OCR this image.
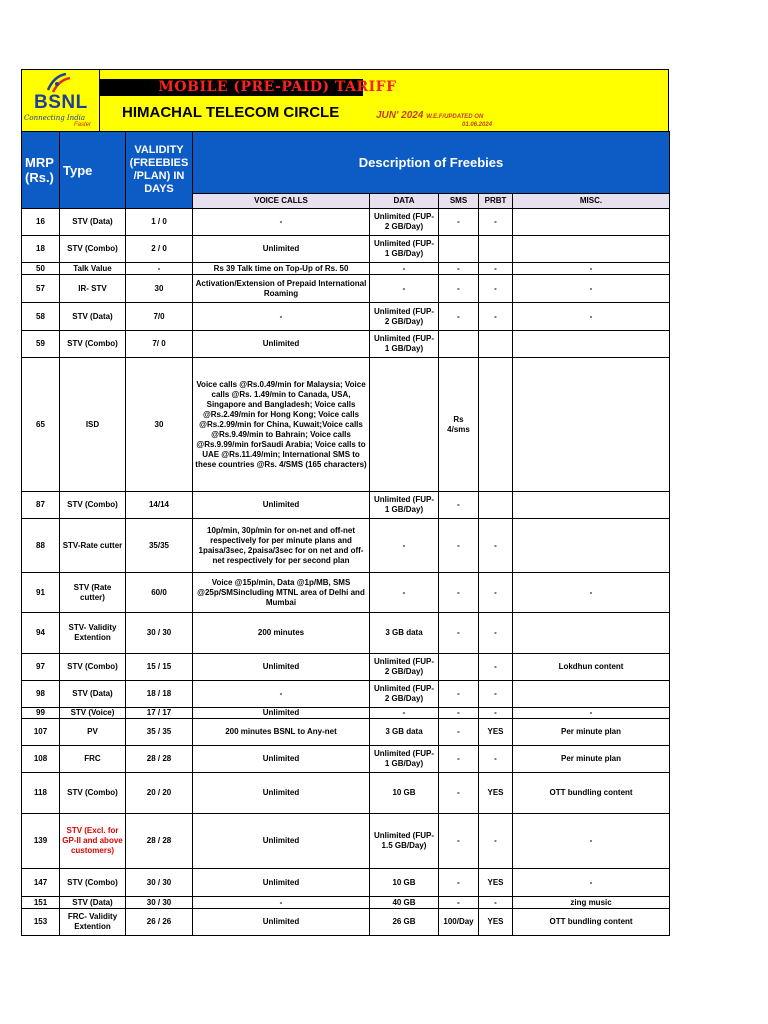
BSNL
Connecting India
Faster
MOBILE (PRE-PAID) TARIFF
HIMACHAL TELECOM CIRCLE	JUN' 2024 W.E.F/UPDATED ON
01.06.2024
MRP (Rs.)	Type	VALIDITY (FREEBIES /PLAN) IN DAYS	Description of Freebies				
			VOICE CALLS	DATA	SMS	PRBT	MISC.
16	STV (Data)	1 / 0	-	Unlimited (FUP-2 GB/Day)	-	-	
18	STV (Combo)	2 / 0	Unlimited	Unlimited (FUP-1 GB/Day)			
50	Talk Value	-	Rs 39 Talk time on Top-Up of Rs. 50	-	-	-	-
57	IR- STV	30	Activation/Extension of Prepaid International Roaming	-	-	-	-
58	STV (Data)	7/0	-	Unlimited (FUP-2 GB/Day)	-	-	-
59	STV (Combo)	7/ 0	Unlimited	Unlimited (FUP-1 GB/Day)			
65	ISD	30	Voice calls @Rs.0.49/min for Malaysia; Voice calls @Rs. 1.49/min to Canada, USA, Singapore and Bangladesh; Voice calls @Rs.2.49/min for Hong Kong; Voice calls @Rs.2.99/min for China, Kuwait;Voice calls @Rs.9.49/min to Bahrain; Voice calls @Rs.9.99/min forSaudi Arabia; Voice calls to UAE @Rs.11.49/min; International SMS to these countries @Rs. 4/SMS (165 characters)		Rs 4/sms		
87	STV (Combo)	14/14	Unlimited	Unlimited (FUP-1 GB/Day)	-		
88	STV-Rate cutter	35/35	10p/min, 30p/min for on-net and off-net respectively for per minute plans and 1paisa/3sec, 2paisa/3sec for on net and off-net respectively for per second plan	-	-	-	
91	STV (Rate cutter)	60/0	Voice @15p/min, Data @1p/MB, SMS @25p/SMSincluding MTNL area of Delhi and Mumbai	-	-	-	-
94	STV- Validity Extention	30 / 30	200 minutes	3 GB data	-	-	
97	STV (Combo)	15 / 15	Unlimited	Unlimited (FUP-2 GB/Day)		-	Lokdhun content
98	STV (Data)	18 / 18	-	Unlimited (FUP-2 GB/Day)	-	-	
99	STV (Voice)	17 / 17	Unlimited	-	-	-	-
107	PV	35 / 35	200 minutes BSNL to Any-net	3 GB data	-	YES	Per minute plan
108	FRC	28 / 28	Unlimited	Unlimited (FUP-1 GB/Day)	-	-	Per minute plan
118	STV (Combo)	20 / 20	Unlimited	10 GB	-	YES	OTT bundling content
139	STV (Excl. for GP-II and above customers)	28 / 28	Unlimited	Unlimited (FUP-1.5 GB/Day)	-	-	-
147	STV (Combo)	30 / 30	Unlimited	10 GB	-	YES	-
151	STV (Data)	30 / 30	-	40 GB	-	-	zing music
153	FRC- Validity Extention	26 / 26	Unlimited	26 GB	100/Day	YES	OTT bundling content
